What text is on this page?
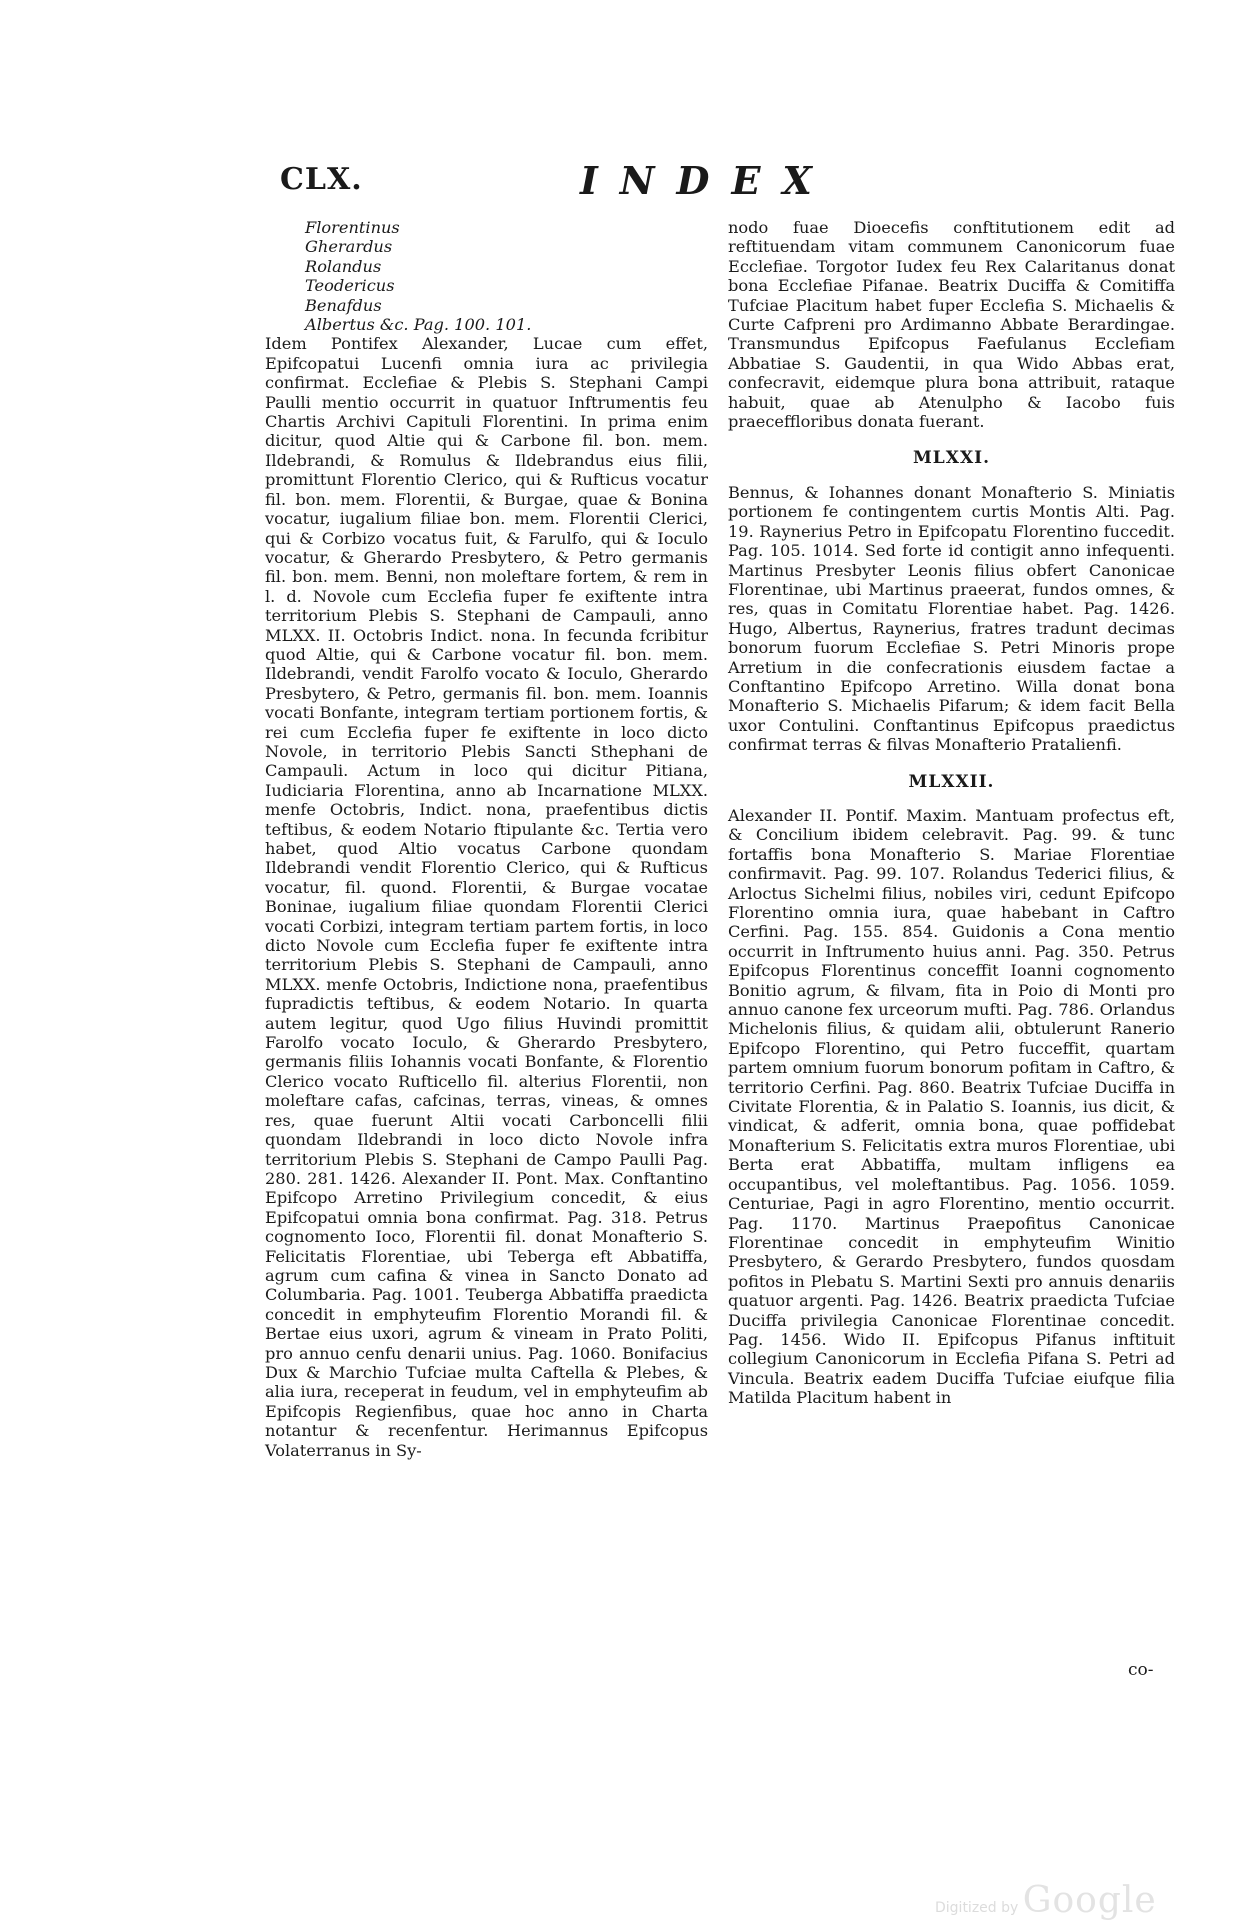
CLX.	INDEX
Florentinus
Gherardus
Rolandus
Teodericus
Benafdus
Albertus &c. Pag. 100. 101.

Idem Pontifex Alexander, Lucae cum effet, Epifcopatui Lucenfi omnia iura ac privilegia confirmat. Ecclefiae & Plebis S. Stephani Campi Paulli mentio occurrit in quatuor Inftrumentis feu Chartis Archivi Capituli Florentini. In prima enim dicitur, quod Altie qui & Carbone fil. bon. mem. Ildebrandi, & Romulus & Ildebrandus eius filii, promittunt Florentio Clerico, qui & Rufticus vocatur fil. bon. mem. Florentii, & Burgae, quae & Bonina vocatur, iugalium filiae bon. mem. Florentii Clerici, qui & Corbizo vocatus fuit, & Farulfo, qui & Ioculo vocatur, & Gherardo Presbytero, & Petro germanis fil. bon. mem. Benni, non moleftare fortem, & rem in l. d. Novole cum Ecclefia fuper fe exiftente intra territorium Plebis S. Stephani de Campauli, anno MLXX. II. Octobris Indict. nona. In fecunda fcribitur quod Altie, qui & Carbone vocatur fil. bon. mem. Ildebrandi, vendit Farolfo vocato & Ioculo, Gherardo Presbytero, & Petro, germanis fil. bon. mem. Ioannis vocati Bonfante, integram tertiam portionem fortis, & rei cum Ecclefia fuper fe exiftente in loco dicto Novole, in territorio Plebis Sancti Sthephani de Campauli. Actum in loco qui dicitur Pitiana, Iudiciaria Florentina, anno ab Incarnatione MLXX. menfe Octobris, Indict. nona, praefentibus dictis teftibus, & eodem Notario ftipulante &c. Tertia vero habet, quod Altio vocatus Carbone quondam Ildebrandi vendit Florentio Clerico, qui & Rufticus vocatur, fil. quond. Florentii, & Burgae vocatae Boninae, iugalium filiae quondam Florentii Clerici vocati Corbizi, integram tertiam partem fortis, in loco dicto Novole cum Ecclefia fuper fe exiftente intra territorium Plebis S. Stephani de Campauli, anno MLXX. menfe Octobris, Indictione nona, praefentibus fupradictis teftibus, & eodem Notario. In quarta autem legitur, quod Ugo filius Huvindi promittit Farolfo vocato Ioculo, & Gherardo Presbytero, germanis filiis Iohannis vocati Bonfante, & Florentio Clerico vocato Rufticello fil. alterius Florentii, non moleftare cafas, cafcinas, terras, vineas, & omnes res, quae fuerunt Altii vocati Carboncelli filii quondam Ildebrandi in loco dicto Novole infra territorium Plebis S. Stephani de Campo Paulli Pag. 280. 281. 1426. Alexander II. Pont. Max. Conftantino Epifcopo Arretino Privilegium concedit, & eius Epifcopatui omnia bona confirmat. Pag. 318. Petrus cognomento Ioco, Florentii fil. donat Monafterio S. Felicitatis Florentiae, ubi Teberga eft Abbatiffa, agrum cum cafina & vinea in Sancto Donato ad Columbaria. Pag. 1001. Teuberga Abbatiffa praedicta concedit in emphyteufim Florentio Morandi fil. & Bertae eius uxori, agrum & vineam in Prato Politi, pro annuo cenfu denarii unius. Pag. 1060. Bonifacius Dux & Marchio Tufciae multa Caftella & Plebes, & alia iura, receperat in feudum, vel in emphyteufim ab Epifcopis Regienfibus, quae hoc anno in Charta notantur & recenfentur. Herimannus Epifcopus Volaterranus in Sy-

nodo fuae Dioecefis conftitutionem edit ad reftituendam vitam communem Canonicorum fuae Ecclefiae. Torgotor Iudex feu Rex Calaritanus donat bona Ecclefiae Pifanae. Beatrix Duciffa & Comitiffa Tufciae Placitum habet fuper Ecclefia S. Michaelis & Curte Cafpreni pro Ardimanno Abbate Berardingae. Transmundus Epifcopus Faefulanus Ecclefiam Abbatiae S. Gaudentii, in qua Wido Abbas erat, confecravit, eidemque plura bona attribuit, rataque habuit, quae ab Atenulpho & Iacobo fuis praeceffloribus donata fuerant.

MLXXI.

Bennus, & Iohannes donant Monafterio S. Miniatis portionem fe contingentem curtis Montis Alti. Pag. 19. Raynerius Petro in Epifcopatu Florentino fuccedit. Pag. 105. 1014. Sed forte id contigit anno infequenti. Martinus Presbyter Leonis filius obfert Canonicae Florentinae, ubi Martinus praeerat, fundos omnes, & res, quas in Comitatu Florentiae habet. Pag. 1426. Hugo, Albertus, Raynerius, fratres tradunt decimas bonorum fuorum Ecclefiae S. Petri Minoris prope Arretium in die confecrationis eiusdem factae a Conftantino Epifcopo Arretino. Willa donat bona Monafterio S. Michaelis Pifarum; & idem facit Bella uxor Contulini. Conftantinus Epifcopus praedictus confirmat terras & filvas Monafterio Pratalienfi.

MLXXII.

Alexander II. Pontif. Maxim. Mantuam profectus eft, & Concilium ibidem celebravit. Pag. 99. & tunc fortaffis bona Monafterio S. Mariae Florentiae confirmavit. Pag. 99. 107. Rolandus Tederici filius, & Arloctus Sichelmi filius, nobiles viri, cedunt Epifcopo Florentino omnia iura, quae habebant in Caftro Cerfini. Pag. 155. 854. Guidonis a Cona mentio occurrit in Inftrumento huius anni. Pag. 350. Petrus Epifcopus Florentinus conceffit Ioanni cognomento Bonitio agrum, & filvam, fita in Poio di Monti pro annuo canone fex urceorum mufti. Pag. 786. Orlandus Michelonis filius, & quidam alii, obtulerunt Ranerio Epifcopo Florentino, qui Petro fucceffit, quartam partem omnium fuorum bonorum pofitam in Caftro, & territorio Cerfini. Pag. 860. Beatrix Tufciae Duciffa in Civitate Florentia, & in Palatio S. Ioannis, ius dicit, & vindicat, & adferit, omnia bona, quae poffidebat Monafterium S. Felicitatis extra muros Florentiae, ubi Berta erat Abbatiffa, multam infligens ea occupantibus, vel moleftantibus. Pag. 1056. 1059. Centuriae, Pagi in agro Florentino, mentio occurrit. Pag. 1170. Martinus Praepofitus Canonicae Florentinae concedit in emphyteufim Winitio Presbytero, & Gerardo Presbytero, fundos quosdam pofitos in Plebatu S. Martini Sexti pro annuis denariis quatuor argenti. Pag. 1426. Beatrix praedicta Tufciae Duciffa privilegia Canonicae Florentinae concedit. Pag. 1456. Wido II. Epifcopus Pifanus inftituit collegium Canonicorum in Ecclefia Pifana S. Petri ad Vincula. Beatrix eadem Duciffa Tufciae eiufque filia Matilda Placitum habent in

co-
Digitized by Google
